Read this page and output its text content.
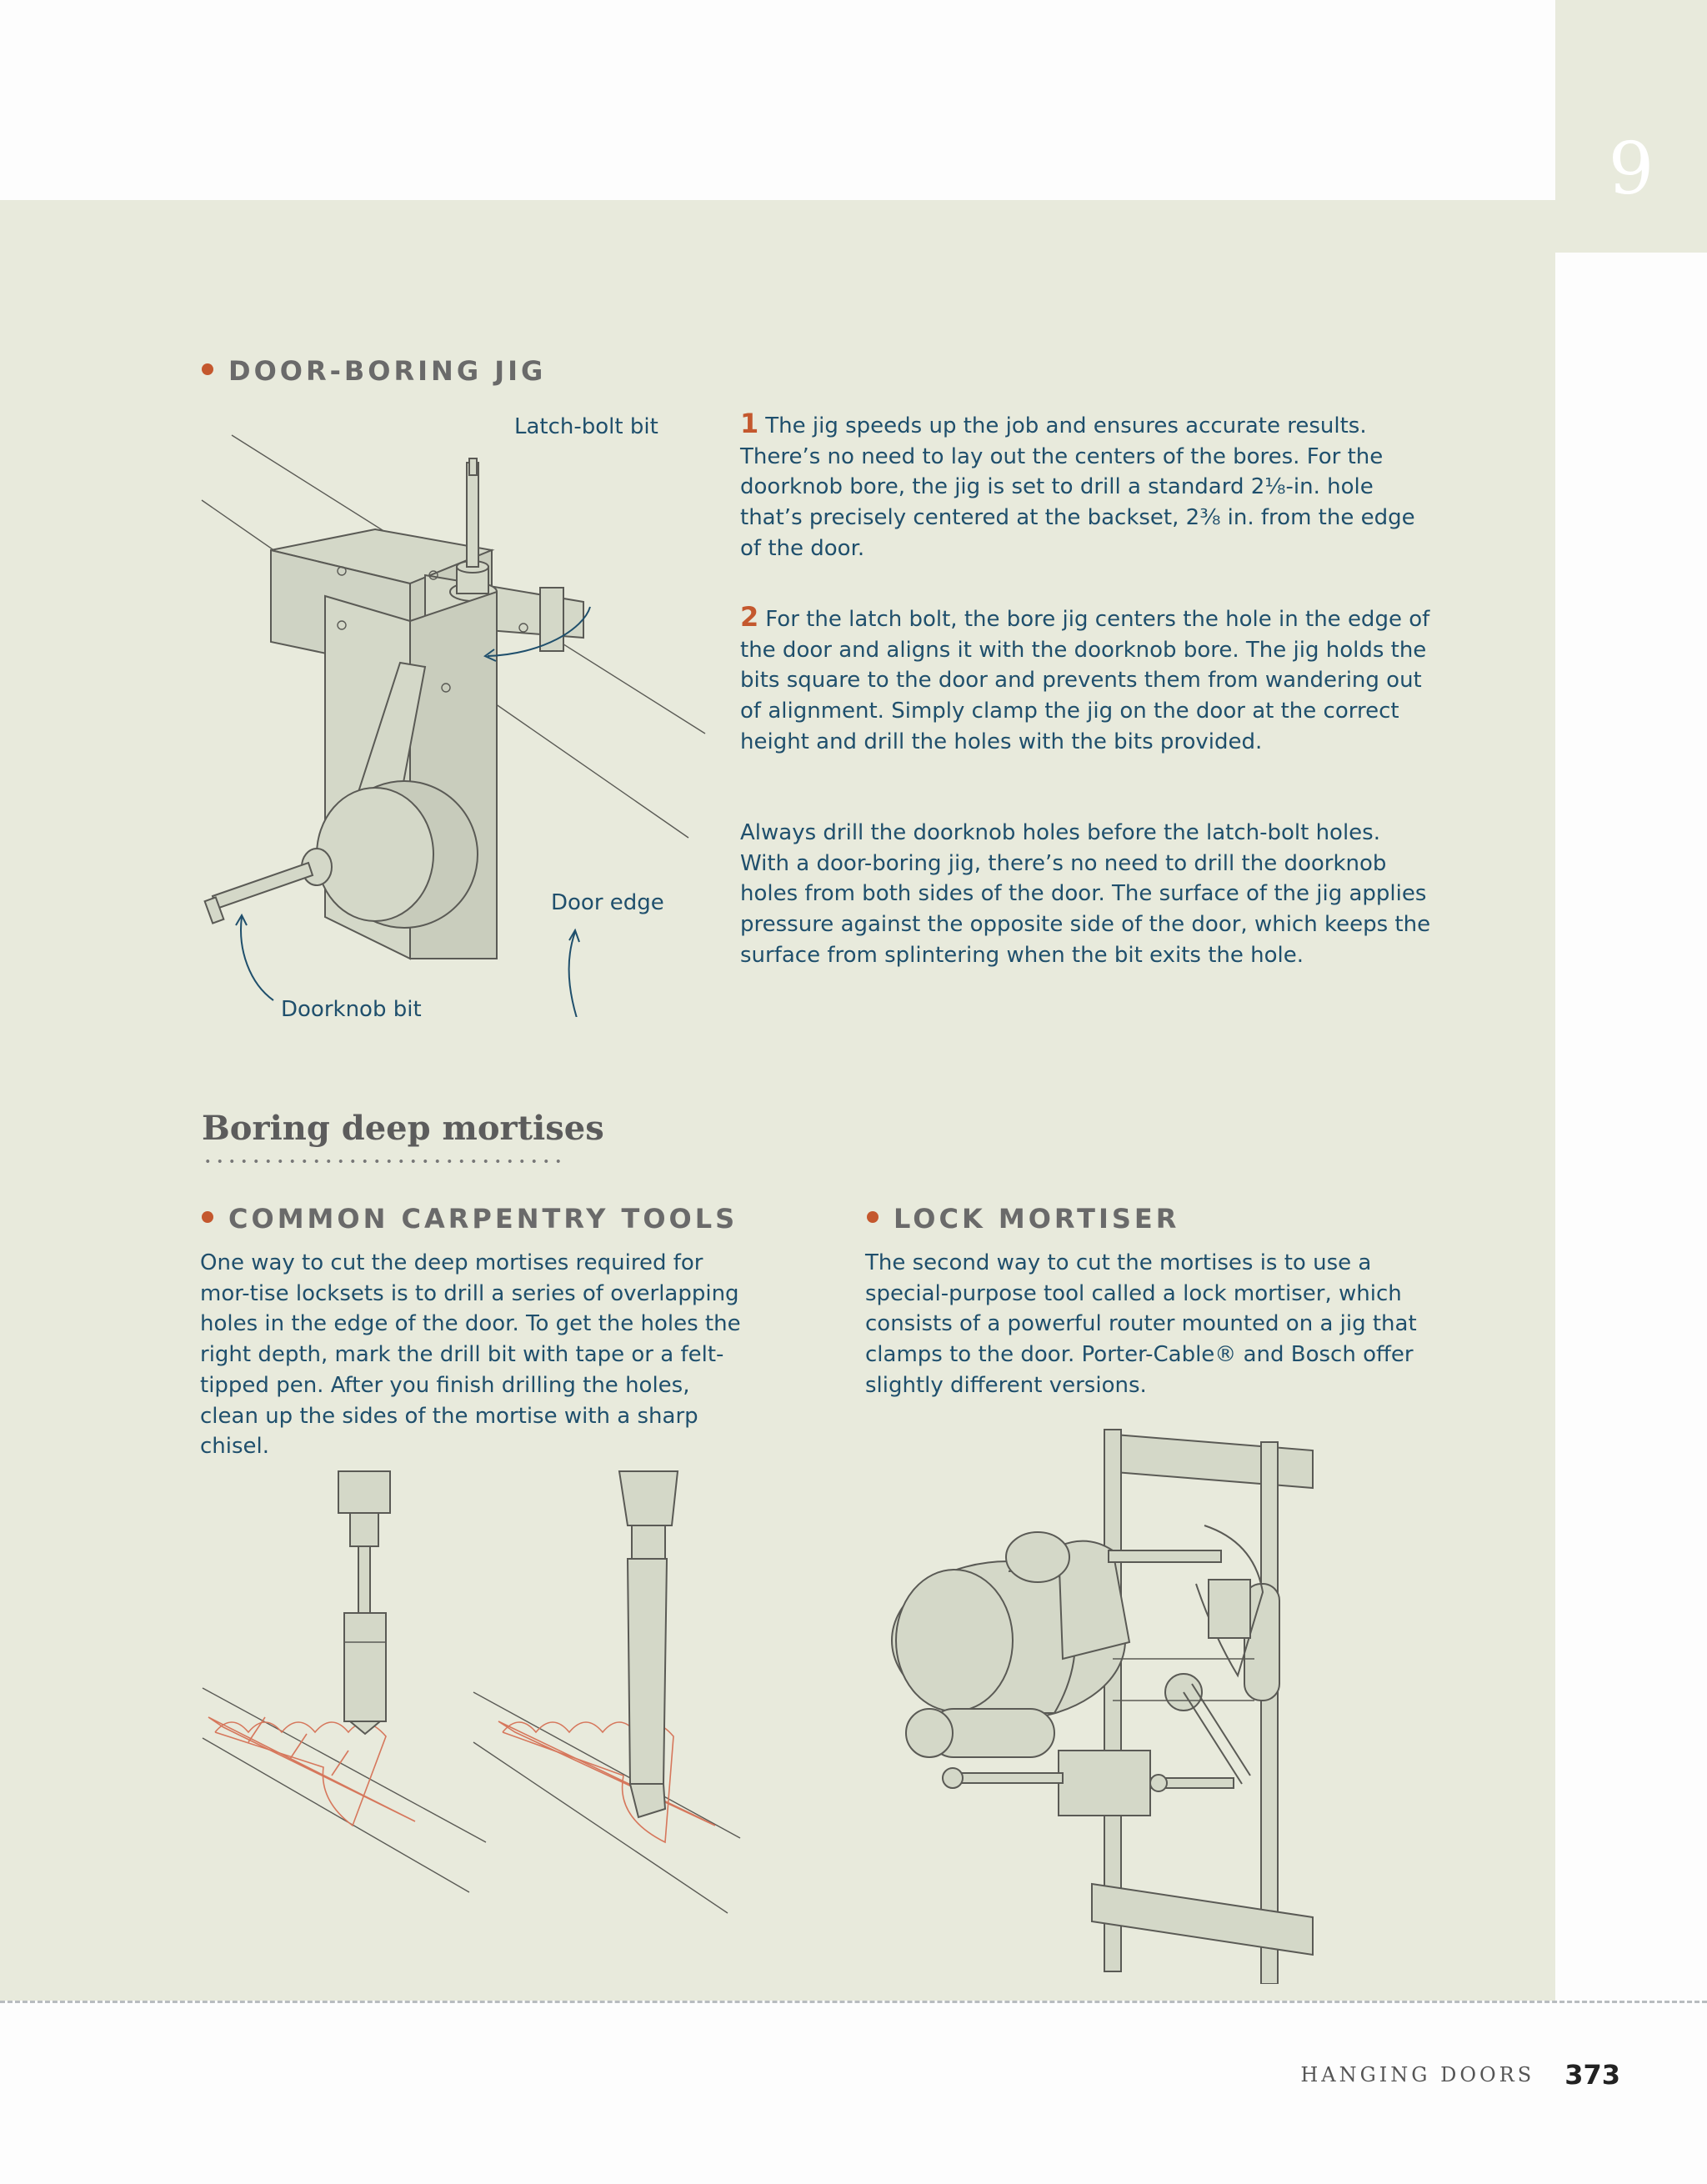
9
DOOR-BORING JIG
Latch-bolt bit
Door edge
Doorknob bit

1 The jig speeds up the job and ensures accurate results. There’s no need to lay out the centers of the bores. For the doorknob bore, the jig is set to drill a standard 2⅛-in. hole that’s precisely centered at the backset, 2⅜ in. from the edge of the door.

2 For the latch bolt, the bore jig centers the hole in the edge of the door and aligns it with the doorknob bore. The jig holds the bits square to the door and prevents them from wandering out of alignment. Simply clamp the jig on the door at the correct height and drill the holes with the bits provided.

Always drill the doorknob holes before the latch-bolt holes. With a door-boring jig, there’s no need to drill the doorknob holes from both sides of the door. The surface of the jig applies pressure against the opposite side of the door, which keeps the surface from splintering when the bit exits the hole.

Boring deep mortises
COMMON CARPENTRY TOOLS

One way to cut the deep mortises required for mor-tise locksets is to drill a series of overlapping holes in the edge of the door. To get the holes the right depth, mark the drill bit with tape or a felt-tipped pen. After you finish drilling the holes, clean up the sides of the mortise with a sharp chisel.

LOCK MORTISER

The second way to cut the mortises is to use a special-purpose tool called a lock mortiser, which consists of a powerful router mounted on a jig that clamps to the door. Porter-Cable® and Bosch offer slightly different versions.

HANGING DOORS 373
